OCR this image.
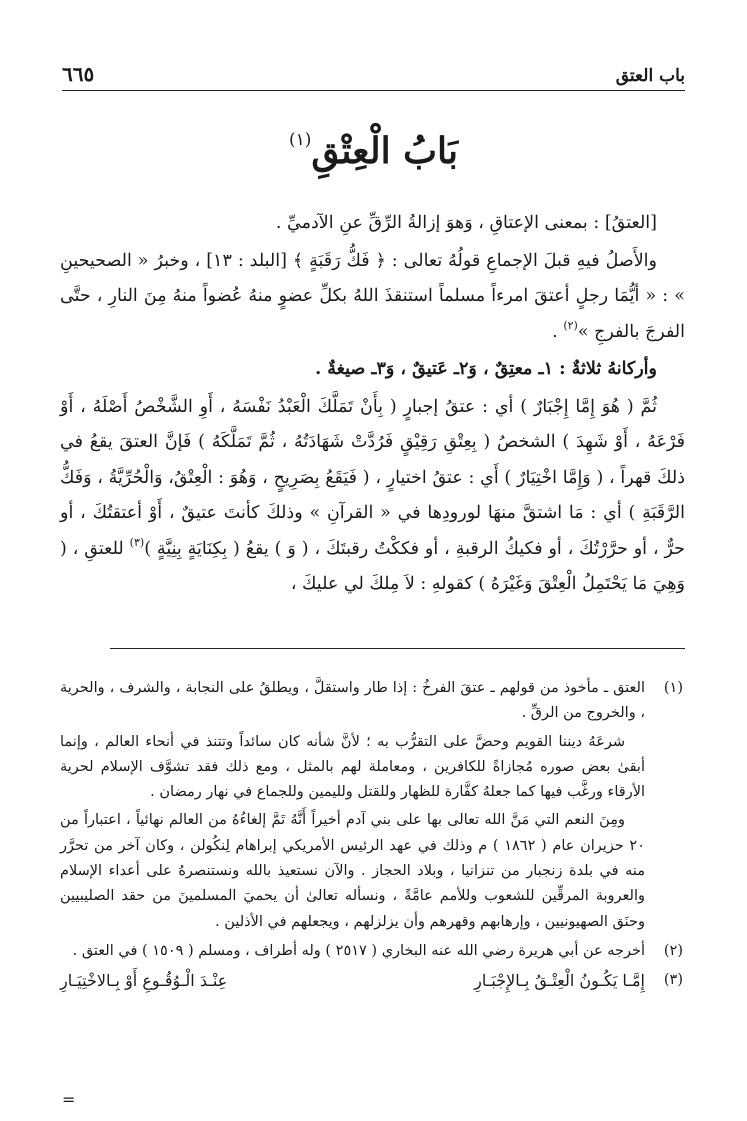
باب العتق
٦٦٥
بَابُ الْعِتْقِ$^{(١)}$

[العتقُ] : بمعنى الإعتاقِ ، وَهوَ إزالةُ الرِّقِّ عنِ الآدميِّ .

والأَصلُ فيهِ قبلَ الإجماعِ قولُهُ تعالى : ﴿ فَكُّ رَقَبَةٍ ﴾ [البلد : ١٣] ، وخبرُ « الصحيحينِ » : « أيُّمَا رجلٍ أعتقَ امرءاً مسلماً استنقذَ اللهُ بكلِّ عضوٍ منهُ عُضواً منهُ مِنَ النارِ ، حتَّى الفرجَ بالفرجِ »$^{(٢)}$ .

وأركانهُ ثلاثةٌ : ١ـ معتِقٌ ، وَ٢ـ عَتيقٌ ، وَ٣ـ صيغةٌ .

ثُمَّ ( هُوَ إِمَّا إِجْبَارٌ ) أي : عتقُ إجبارٍ ( بِأَنْ تَمَلَّكَ الْعَبْدُ نَفْسَهُ ، أَوِ الشَّخْصُ أَصْلَهُ ، أَوْ فَرْعَهُ ، أَوْ شَهِدَ ) الشخصُ ( بِعِتْقِ رَقِيْقٍ فَرُدَّتْ شَهَادَتُهُ ، ثُمَّ تَمَلَّكَهُ ) فَإنَّ العتقَ يقعُ في ذلكَ قهراً ، ( وَإِمَّا اخْتِيَارٌ ) أَي : عتقُ اختيارٍ ، ( فَيَقَعُ بِصَرِيحٍ ، وَهُوَ : الْعِتْقُ، وَالْحُرِّيَّةُ ، وَفَكُّ الرَّقَبَةِ ) أي : مَا اشتقَّ منهَا لورودِها في « القرآنِ » وذلكَ كأنتَ عتيقٌ ، أَوْ أعتقتُكَ ، أو حرٌّ ، أو حرَّرْتُكَ ، أو فكيكُ الرقبةِ ، أو فككْتُ رقبتَكَ ، ( وَ ) يقعُ ( بِكِنَايَةٍ بِنِيَّةٍ )$^{(٣)}$ للعتقِ ، ( وَهِيَ مَا يَحْتَمِلُ الْعِتْقَ وَغَيْرَهُ ) كقولهِ : لاَ مِلكَ لي عليكَ ،

(١)

العتق ـ مأخوذ من قولهم ـ عتقَ الفرخُ : إذا طار واستقلَّ ، ويطلقُ على النجابة ، والشرف ، والحرية ، والخروج من الرقِّ .

شرعَهُ ديننا القويم وحضَّ على التقرُّب به ؛ لأنَّ شأنه كان سائداً وتتنذ في أنحاء العالم ، وإنما أبقىٰ بعض صوره مُجازاةً للكافرين ، ومعاملة لهم بالمثل ، ومع ذلك فقد تشوَّف الإسلام لحرية الأرقاء ورغَّب فيها كما جعلهُ كفَّارة للظهار وللقتل ولليمين وللجماع في نهار رمضان .

ومِنَ النعم التي مَنَّ الله تعالى بها على بني آدم أخيراً أَنَّهُ تَمَّ إلغاءُهُ من العالم نهائياً ، اعتباراً من ٢٠ حزيران عام ( ١٨٦٢ ) م وذلك في عهد الرئيس الأمريكي إبراهام لِنكُولن ، وكان آخر من تحرَّر منه في بلدة زنجبار من تنزانيا ، وبلاد الحجاز . والآن نستعيذ بالله ونستنصرهُ على أعداء الإسلام والعروبة المرقِّين للشعوب وللأمم عامَّةً ، ونسأله تعالىٰ أن يحميَ المسلمينَ من حقد الصليبيين وحنَق الصهيونيين ، وإرهابهم وقهرهم وأن يزلزلهم ، ويجعلهم في الأذلين .

(٢)

أخرجه عن أبي هريرة رضي الله عنه البخاري ( ٢٥١٧ ) وله أطراف ، ومسلم ( ١٥٠٩ ) في العتق .

(٣)
إِمَّـا يَكُـونُ الْعِتْـقُ بِـالإِجْبَـارِ
عِنْـدَ الْـوُقُـوعِ أَوْ بِـالاخْتِيَـارِ
=
